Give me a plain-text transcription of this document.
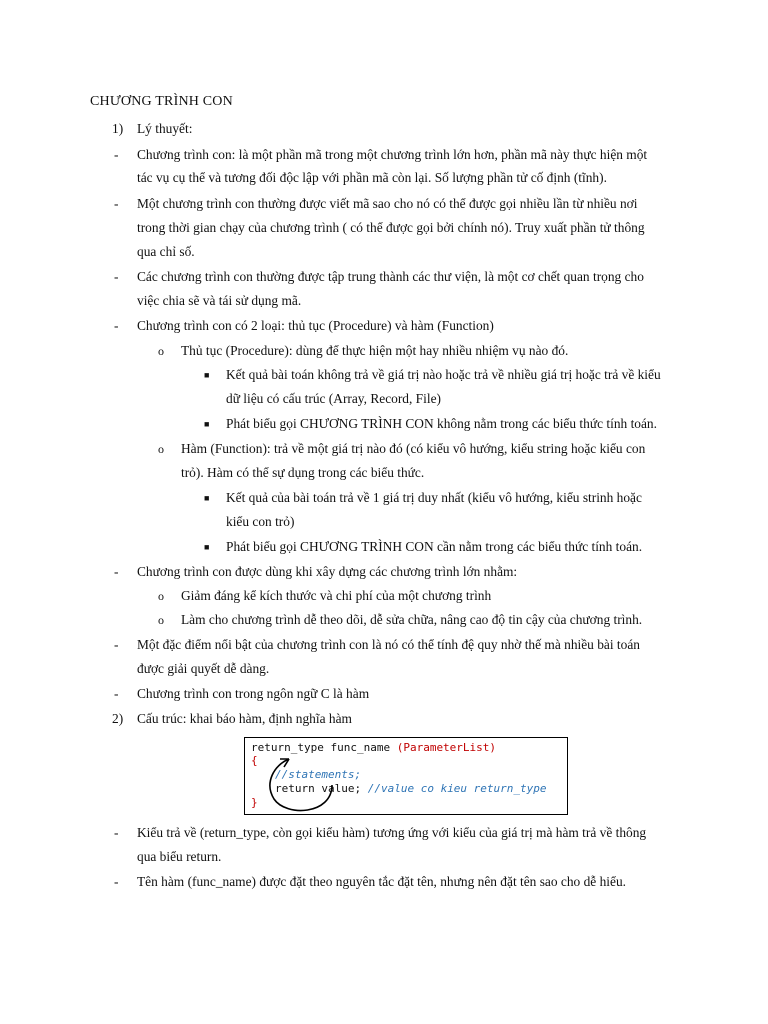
CHƯƠNG TRÌNH CON
1) Lý thuyết:
- Chương trình con: là một phần mã trong một chương trình lớn hơn, phần mã này thực hiện một
tác vụ cụ thể và tương đối độc lập với phần mã còn lại. Số lượng phần tử cố định (tĩnh).
- Một chương trình con thường được viết mã sao cho nó có thể được gọi nhiều lần từ nhiều nơi
trong thời gian chạy của chương trình ( có thể được gọi bởi chính nó). Truy xuất phần tử thông
qua chỉ số.
- Các chương trình con thường được tập trung thành các thư viện, là một cơ chết quan trọng cho
việc chia sẽ và tái sử dụng mã.
- Chương trình con có 2 loại: thủ tục (Procedure) và hàm (Function)
o Thủ tục (Procedure): dùng để thực hiện một hay nhiều nhiệm vụ nào đó.
■ Kết quả bài toán không trả về giá trị nào hoặc trả về nhiều giá trị hoặc trả về kiểu
dữ liệu có cấu trúc (Array, Record, File)
■ Phát biểu gọi CHƯƠNG TRÌNH CON không nằm trong các biểu thức tính toán.
o Hàm (Function): trả về một giá trị nào đó (có kiểu vô hướng, kiểu string hoặc kiểu con
trỏ). Hàm có thể sự dụng trong các biểu thức.
■ Kết quả của bài toán trả về 1 giá trị duy nhất (kiểu vô hướng, kiểu strinh hoặc
kiểu con trỏ)
■ Phát biểu gọi CHƯƠNG TRÌNH CON cần nằm trong các biểu thức tính toán.
- Chương trình con được dùng khi xây dựng các chương trình lớn nhằm:
o Giảm đáng kể kích thước và chi phí của một chương trình
o Làm cho chương trình dễ theo dõi, dễ sửa chữa, nâng cao độ tin cậy của chương trình.
- Một đặc điểm nổi bật của chương trình con là nó có thể tính đệ quy nhờ thế mà nhiều bài toán
được giải quyết dễ dàng.
- Chương trình con trong ngôn ngữ C là hàm
2) Cấu trúc: khai báo hàm, định nghĩa hàm
return_type func_name (ParameterList)
{
//statements;
return value; //value co kieu return_type
}
- Kiểu trả về (return_type, còn gọi kiểu hàm) tương ứng với kiểu của giá trị mà hàm trả về thông
qua biểu return.
- Tên hàm (func_name) được đặt theo nguyên tắc đặt tên, nhưng nên đặt tên sao cho dễ hiểu.
